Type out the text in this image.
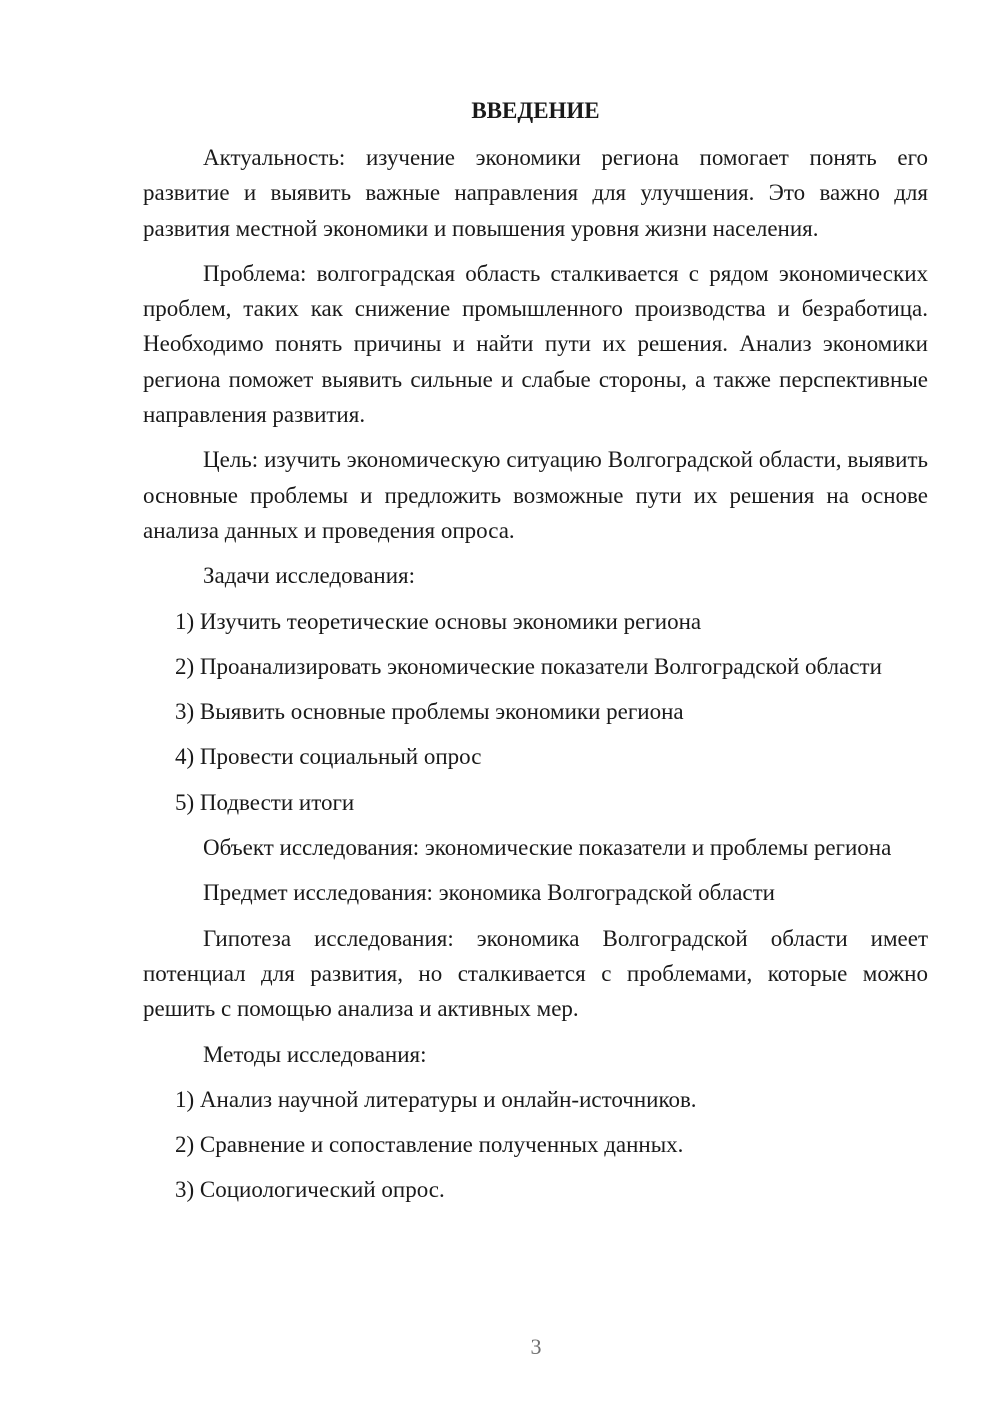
ВВЕДЕНИЕ

Актуальность: изучение экономики региона помогает понять его развитие и выявить важные направления для улучшения. Это важно для развития местной экономики и повышения уровня жизни населения.

Проблема: волгоградская область сталкивается с рядом экономических проблем, таких как снижение промышленного производства и безработица. Необходимо понять причины и найти пути их решения. Анализ экономики региона поможет выявить сильные и слабые стороны, а также перспективные направления развития.

Цель: изучить экономическую ситуацию Волгоградской области, выявить основные проблемы и предложить возможные пути их решения на основе анализа данных и проведения опроса.

Задачи исследования:

1) Изучить теоретические основы экономики региона

2) Проанализировать экономические показатели Волгоградской области

3) Выявить основные проблемы экономики региона

4) Провести социальный опрос

5) Подвести итоги

Объект исследования: экономические показатели и проблемы региона

Предмет исследования: экономика Волгоградской области

Гипотеза исследования: экономика Волгоградской области имеет потенциал для развития, но сталкивается с проблемами, которые можно решить с помощью анализа и активных мер.

Методы исследования:

1) Анализ научной литературы и онлайн-источников.

2) Сравнение и сопоставление полученных данных.

3) Социологический опрос.

3
